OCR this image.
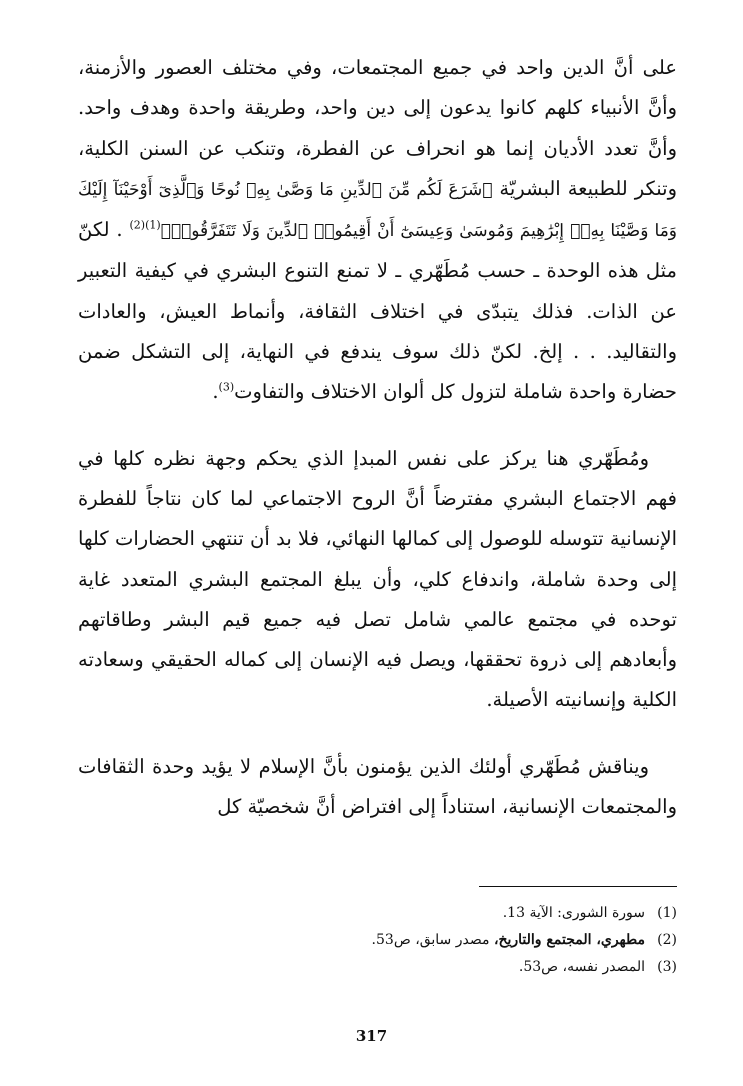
على أنَّ الدين واحد في جميع المجتمعات، وفي مختلف العصور والأزمنة، وأنَّ الأنبياء كلهم كانوا يدعون إلى دين واحد، وطريقة واحدة وهدف واحد. وأنَّ تعدد الأديان إنما هو انحراف عن الفطرة، وتنكب عن السنن الكلية، وتنكر للطبيعة البشريّة ﴿شَرَعَ لَكُم مِّنَ ٱلدِّينِ مَا وَصَّىٰ بِهِۦ نُوحًا وَٱلَّذِىٓ أَوْحَيْنَآ إِلَيْكَ وَمَا وَصَّيْنَا بِهِۦٓ إِبْرَٰهِيمَ وَمُوسَىٰ وَعِيسَىٰٓ أَنْ أَقِيمُوا۟ ٱلدِّينَ وَلَا تَتَفَرَّقُوا۟﴾$^{(1)(2)}$ . لكنّ مثل هذه الوحدة ـ حسب مُطَهّري ـ لا تمنع التنوع البشري في كيفية التعبير عن الذات. فذلك يتبدّى في اختلاف الثقافة، وأنماط العيش، والعادات والتقاليد. . . إلخ. لكنّ ذلك سوف يندفع في النهاية، إلى التشكل ضمن حضارة واحدة شاملة لتزول كل ألوان الاختلاف والتفاوت$^{(3)}$.

ومُطَهّري هنا يركز على نفس المبدإ الذي يحكم وجهة نظره كلها في فهم الاجتماع البشري مفترضاً أنَّ الروح الاجتماعي لما كان نتاجاً للفطرة الإنسانية تتوسله للوصول إلى كمالها النهائي، فلا بد أن تنتهي الحضارات كلها إلى وحدة شاملة، واندفاع كلي، وأن يبلغ المجتمع البشري المتعدد غاية توحده في مجتمع عالمي شامل تصل فيه جميع قيم البشر وطاقاتهم وأبعادهم إلى ذروة تحققها، ويصل فيه الإنسان إلى كماله الحقيقي وسعادته الكلية وإنسانيته الأصيلة.

ويناقش مُطَهّري أولئك الذين يؤمنون بأنَّ الإسلام لا يؤيد وحدة الثقافات والمجتمعات الإنسانية، استناداً إلى افتراض أنَّ شخصيّة كل

(1)
سورة الشورى: الآية 13.
(2)
مطهري، المجتمع والتاريخ، مصدر سابق، ص53.
(3)
المصدر نفسه، ص53.
317
